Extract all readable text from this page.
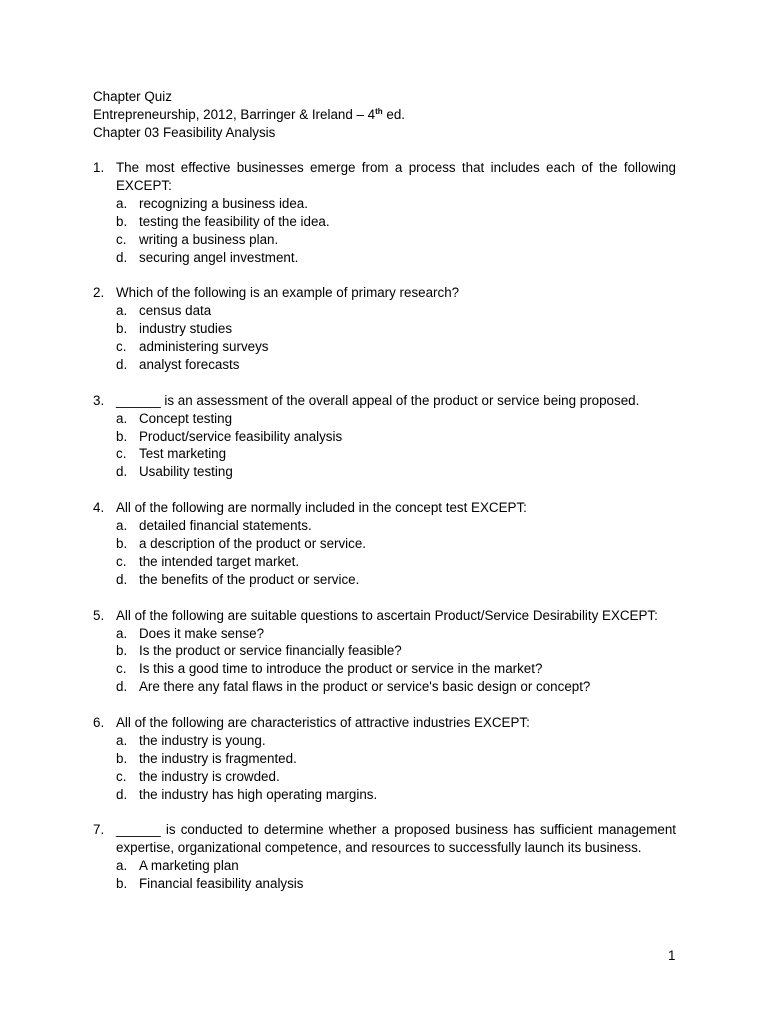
Chapter Quiz
Entrepreneurship, 2012, Barringer & Ireland – 4th ed.
Chapter 03 Feasibility Analysis
1. The most effective businesses emerge from a process that includes each of the following EXCEPT:
a. recognizing a business idea.
b. testing the feasibility of the idea.
c. writing a business plan.
d. securing angel investment.
2. Which of the following is an example of primary research?
a. census data
b. industry studies
c. administering surveys
d. analyst forecasts
3. ______ is an assessment of the overall appeal of the product or service being proposed.
a. Concept testing
b. Product/service feasibility analysis
c. Test marketing
d. Usability testing
4. All of the following are normally included in the concept test EXCEPT:
a. detailed financial statements.
b. a description of the product or service.
c. the intended target market.
d. the benefits of the product or service.
5. All of the following are suitable questions to ascertain Product/Service Desirability EXCEPT:
a. Does it make sense?
b. Is the product or service financially feasible?
c. Is this a good time to introduce the product or service in the market?
d. Are there any fatal flaws in the product or service's basic design or concept?
6. All of the following are characteristics of attractive industries EXCEPT:
a. the industry is young.
b. the industry is fragmented.
c. the industry is crowded.
d. the industry has high operating margins.
7. ______ is conducted to determine whether a proposed business has sufficient management expertise, organizational competence, and resources to successfully launch its business.
a. A marketing plan
b. Financial feasibility analysis
1
